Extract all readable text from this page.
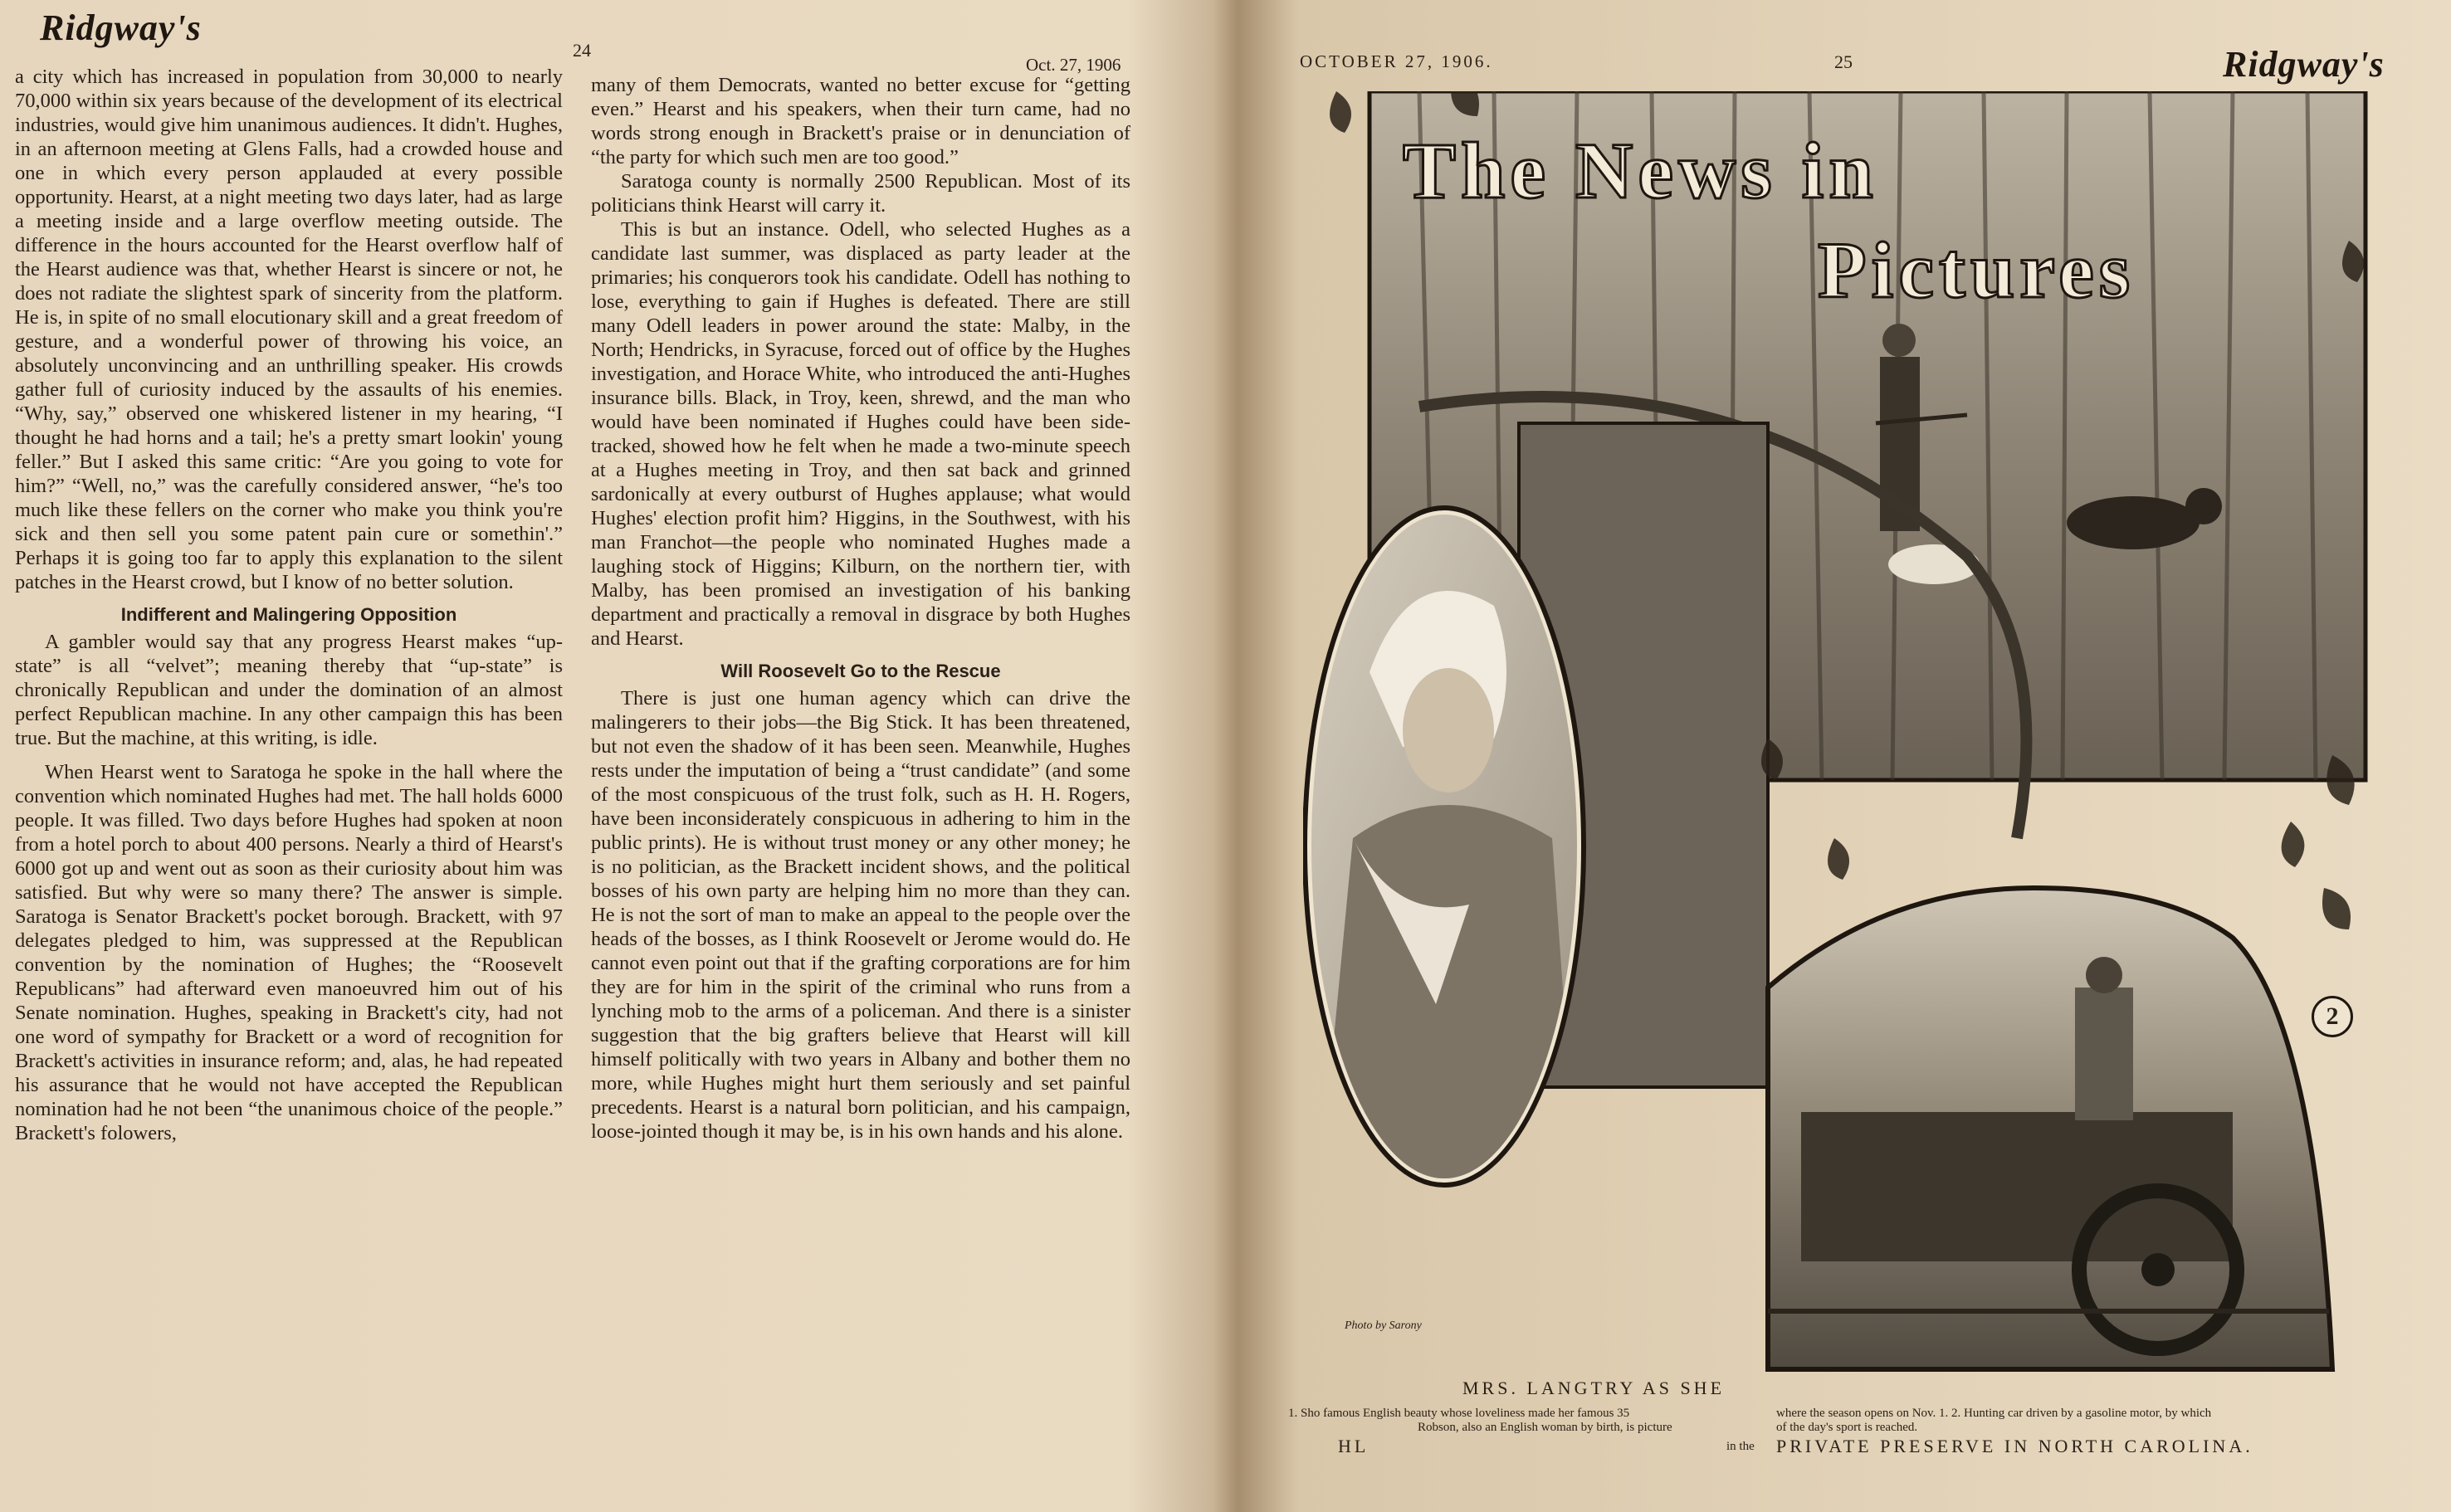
Ridgway's
24
Oct. 27, 1906

a city which has increased in population from 30,000 to nearly 70,000 within six years because of the development of its electrical industries, would give him unanimous audiences. It didn't. Hughes, in an afternoon meeting at Glens Falls, had a crowded house and one in which every person applauded at every possible opportunity. Hearst, at a night meeting two days later, had as large a meeting inside and a large overflow meeting outside. The difference in the hours accounted for the Hearst overflow half of the Hearst audience was that, whether Hearst is sincere or not, he does not radiate the slightest spark of sincerity from the platform. He is, in spite of no small elocutionary skill and a great freedom of gesture, and a wonderful power of throwing his voice, an absolutely unconvincing and an unthrilling speaker. His crowds gather full of curiosity induced by the assaults of his enemies. “Why, say,” observed one whiskered listener in my hearing, “I thought he had horns and a tail; he's a pretty smart lookin' young feller.” But I asked this same critic: “Are you going to vote for him?” “Well, no,” was the carefully considered answer, “he's too much like these fellers on the corner who make you think you're sick and then sell you some patent pain cure or somethin'.” Perhaps it is going too far to apply this explanation to the silent patches in the Hearst crowd, but I know of no better solution.

Indifferent and Malingering Opposition

A gambler would say that any progress Hearst makes “up-state” is all “velvet”; meaning thereby that “up-state” is chronically Republican and under the domination of an almost perfect Republican machine. In any other campaign this has been true. But the machine, at this writing, is idle.

When Hearst went to Saratoga he spoke in the hall where the convention which nominated Hughes had met. The hall holds 6000 people. It was filled. Two days before Hughes had spoken at noon from a hotel porch to about 400 persons. Nearly a third of Hearst's 6000 got up and went out as soon as their curiosity about him was satisfied. But why were so many there? The answer is simple. Saratoga is Senator Brackett's pocket borough. Brackett, with 97 delegates pledged to him, was suppressed at the Republican convention by the nomination of Hughes; the “Roosevelt Republicans” had afterward even manoeuvred him out of his Senate nomination. Hughes, speaking in Brackett's city, had not one word of sympathy for Brackett or a word of recognition for Brackett's activities in insurance reform; and, alas, he had repeated his assurance that he would not have accepted the Republican nomination had he not been “the unanimous choice of the people.” Brackett's folowers,

many of them Democrats, wanted no better excuse for “getting even.” Hearst and his speakers, when their turn came, had no words strong enough in Brackett's praise or in denunciation of “the party for which such men are too good.”

Saratoga county is normally 2500 Republican. Most of its politicians think Hearst will carry it.

This is but an instance. Odell, who selected Hughes as a candidate last summer, was displaced as party leader at the primaries; his conquerors took his candidate. Odell has nothing to lose, everything to gain if Hughes is defeated. There are still many Odell leaders in power around the state: Malby, in the North; Hendricks, in Syracuse, forced out of office by the Hughes investigation, and Horace White, who introduced the anti-Hughes insurance bills. Black, in Troy, keen, shrewd, and the man who would have been nominated if Hughes could have been side-tracked, showed how he felt when he made a two-minute speech at a Hughes meeting in Troy, and then sat back and grinned sardonically at every outburst of Hughes applause; what would Hughes' election profit him? Higgins, in the Southwest, with his man Franchot—the people who nominated Hughes made a laughing stock of Higgins; Kilburn, on the northern tier, with Malby, has been promised an investigation of his banking department and practically a removal in disgrace by both Hughes and Hearst.

Will Roosevelt Go to the Rescue

There is just one human agency which can drive the malingerers to their jobs—the Big Stick. It has been threatened, but not even the shadow of it has been seen. Meanwhile, Hughes rests under the imputation of being a “trust candidate” (and some of the most conspicuous of the trust folk, such as H. H. Rogers, have been inconsiderately conspicuous in adhering to him in the public prints). He is without trust money or any other money; he is no politician, as the Brackett incident shows, and the political bosses of his own party are helping him no more than they can. He is not the sort of man to make an appeal to the people over the heads of the bosses, as I think Roosevelt or Jerome would do. He cannot even point out that if the grafting corporations are for him they are for him in the spirit of the criminal who runs from a lynching mob to the arms of a policeman. And there is a sinister suggestion that the big grafters believe that Hearst will kill himself politically with two years in Albany and bother them no more, while Hughes might hurt them seriously and set painful precedents. Hearst is a natural born politician, and his campaign, loose-jointed though it may be, is in his own hands and his alone.

OCTOBER 27, 1906.	25	Ridgway's
The News in
Pictures
2
Photo by Sarony
MRS. LANGTRY AS SHE
1. Sho famous English beauty whose loveliness made her famous 35
Robson, also an English woman by birth, is picture
in the
where the season opens on Nov. 1. 2. Hunting car driven by a gasoline motor, by which
of the day's sport is reached.
HL	PRIVATE PRESERVE IN NORTH CAROLINA.
